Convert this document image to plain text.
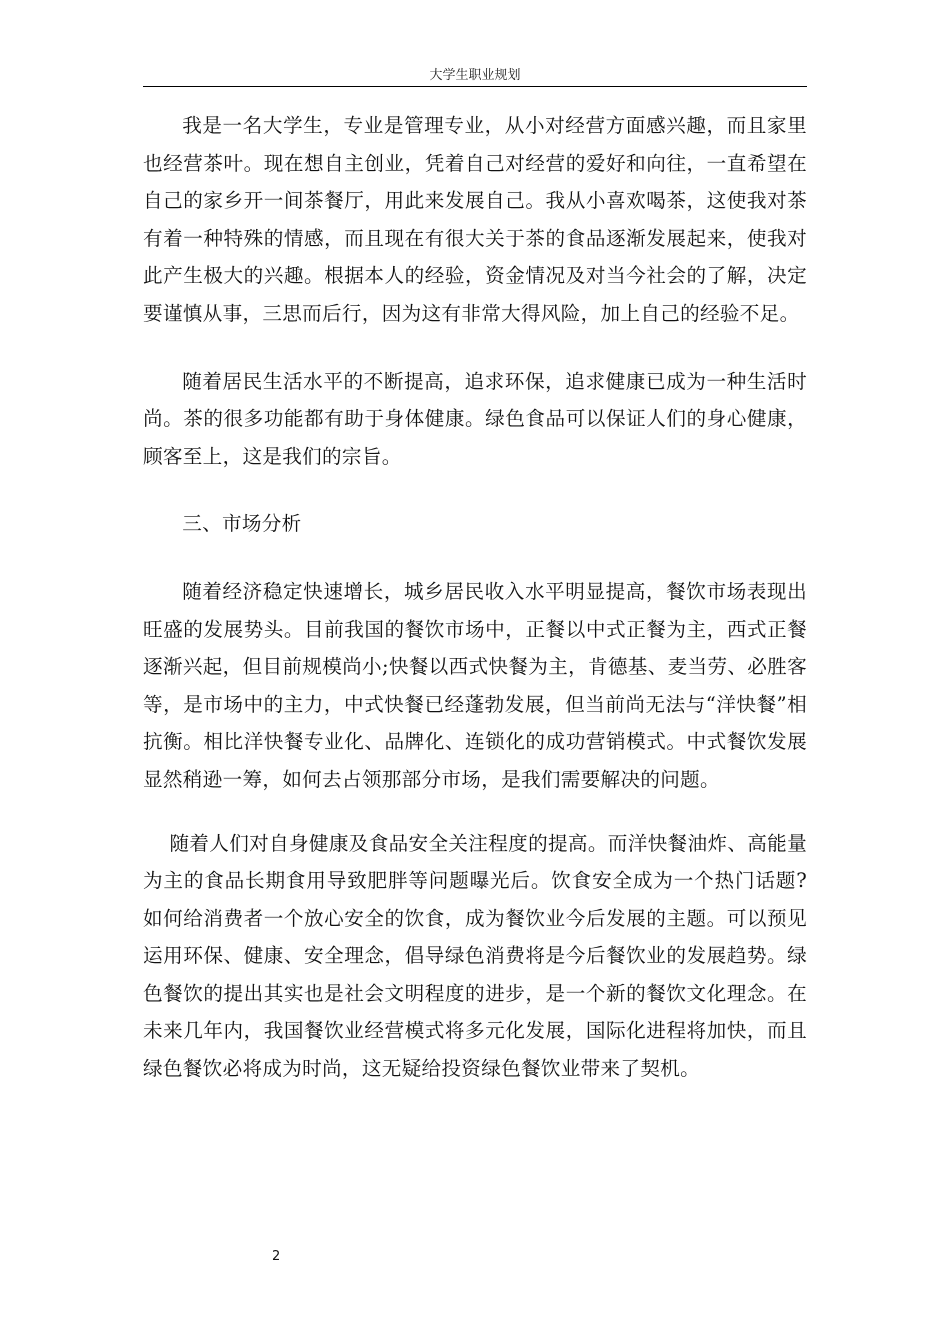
大学生职业规划

我是一名大学生，专业是管理专业，从小对经营方面感兴趣，而且家里也经营茶叶。现在想自主创业，凭着自己对经营的爱好和向往，一直希望在自己的家乡开一间茶餐厅，用此来发展自己。我从小喜欢喝茶，这使我对茶有着一种特殊的情感，而且现在有很大关于茶的食品逐渐发展起来，使我对此产生极大的兴趣。根据本人的经验，资金情况及对当今社会的了解，决定要谨慎从事，三思而后行，因为这有非常大得风险，加上自己的经验不足。

随着居民生活水平的不断提高，追求环保，追求健康已成为一种生活时尚。茶的很多功能都有助于身体健康。绿色食品可以保证人们的身心健康，顾客至上，这是我们的宗旨。

三、市场分析

随着经济稳定快速增长，城乡居民收入水平明显提高，餐饮市场表现出旺盛的发展势头。目前我国的餐饮市场中，正餐以中式正餐为主，西式正餐逐渐兴起，但目前规模尚小;快餐以西式快餐为主，肯德基、麦当劳、必胜客等，是市场中的主力，中式快餐已经蓬勃发展，但当前尚无法与“洋快餐”相抗衡。相比洋快餐专业化、品牌化、连锁化的成功营销模式。中式餐饮发展显然稍逊一筹，如何去占领那部分市场，是我们需要解决的问题。

随着人们对自身健康及食品安全关注程度的提高。而洋快餐油炸、高能量为主的食品长期食用导致肥胖等问题曝光后。饮食安全成为一个热门话题?如何给消费者一个放心安全的饮食，成为餐饮业今后发展的主题。可以预见运用环保、健康、安全理念，倡导绿色消费将是今后餐饮业的发展趋势。绿色餐饮的提出其实也是社会文明程度的进步，是一个新的餐饮文化理念。在未来几年内，我国餐饮业经营模式将多元化发展，国际化进程将加快，而且绿色餐饮必将成为时尚，这无疑给投资绿色餐饮业带来了契机。

2
